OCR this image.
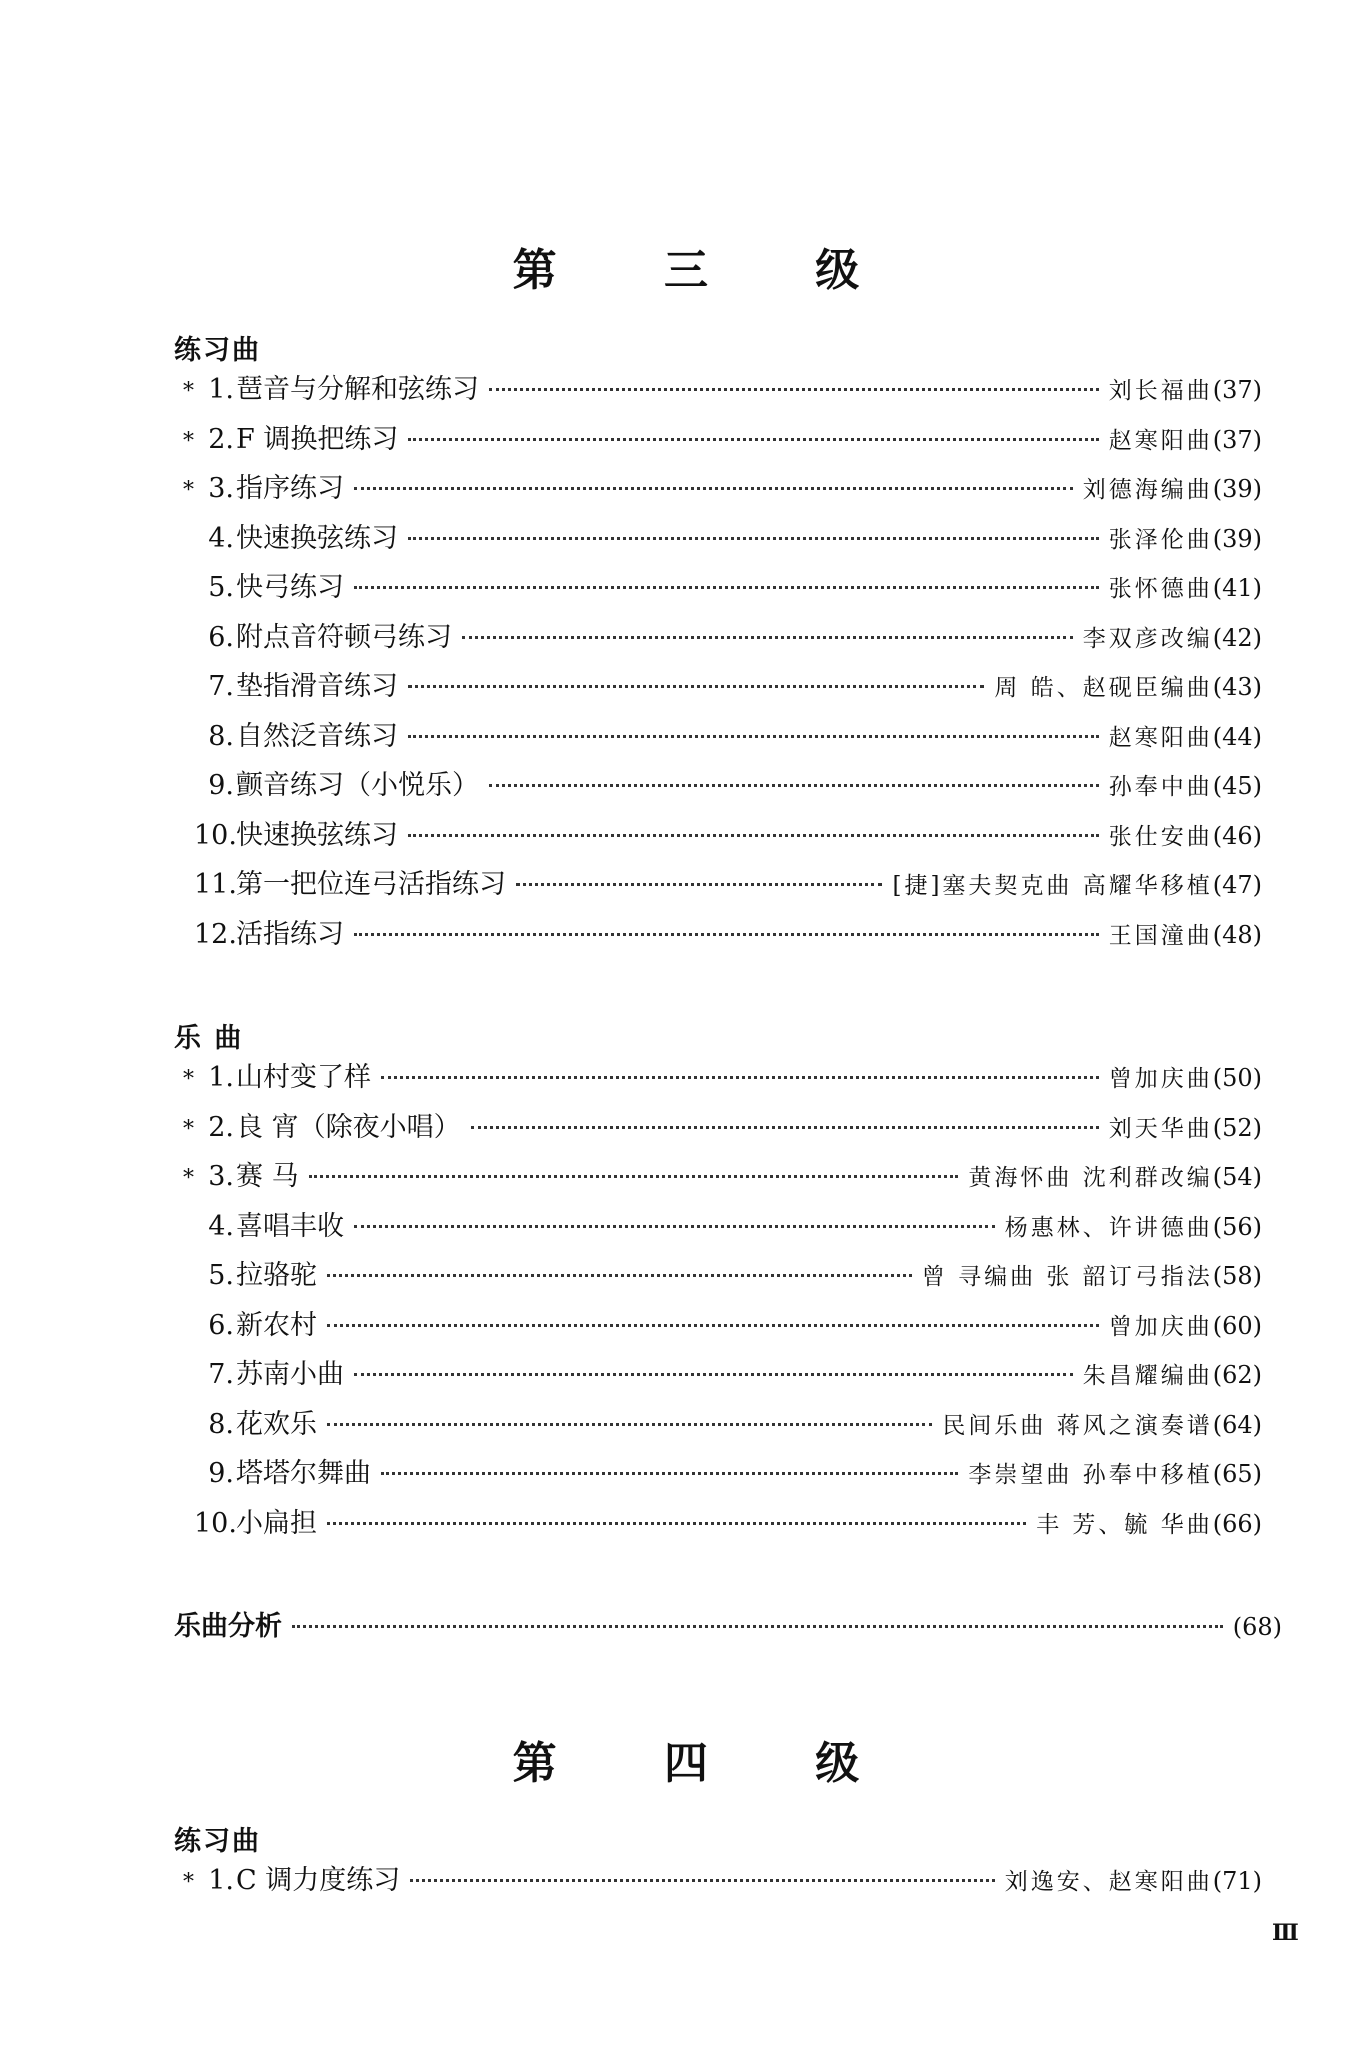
第 三 级
练习曲
* 1. 琶音与分解和弦练习	刘长福曲 (37)
* 2. F 调换把练习	赵寒阳曲 (37)
* 3. 指序练习	刘德海编曲 (39)
4. 快速换弦练习	张泽伦曲 (39)
5. 快弓练习	张怀德曲 (41)
6. 附点音符顿弓练习	李双彦改编 (42)
7. 垫指滑音练习	周 皓、赵砚臣编曲 (43)
8. 自然泛音练习	赵寒阳曲 (44)
9. 颤音练习（小悦乐）	孙奉中曲 (45)
10. 快速换弦练习	张仕安曲 (46)
11. 第一把位连弓活指练习	[捷]塞夫契克曲 高耀华移植 (47)
12. 活指练习	王国潼曲 (48)
乐 曲
* 1. 山村变了样	曾加庆曲 (50)
* 2. 良 宵（除夜小唱）	刘天华曲 (52)
* 3. 赛 马	黄海怀曲 沈利群改编 (54)
4. 喜唱丰收	杨惠林、许讲德曲 (56)
5. 拉骆驼	曾 寻编曲 张 韶订弓指法 (58)
6. 新农村	曾加庆曲 (60)
7. 苏南小曲	朱昌耀编曲 (62)
8. 花欢乐	民间乐曲 蒋风之演奏谱 (64)
9. 塔塔尔舞曲	李崇望曲 孙奉中移植 (65)
10. 小扁担	丰 芳、毓 华曲 (66)
乐曲分析	(68)
第 四 级
练习曲
* 1. C 调力度练习	刘逸安、赵寒阳曲 (71)
Ⅲ
